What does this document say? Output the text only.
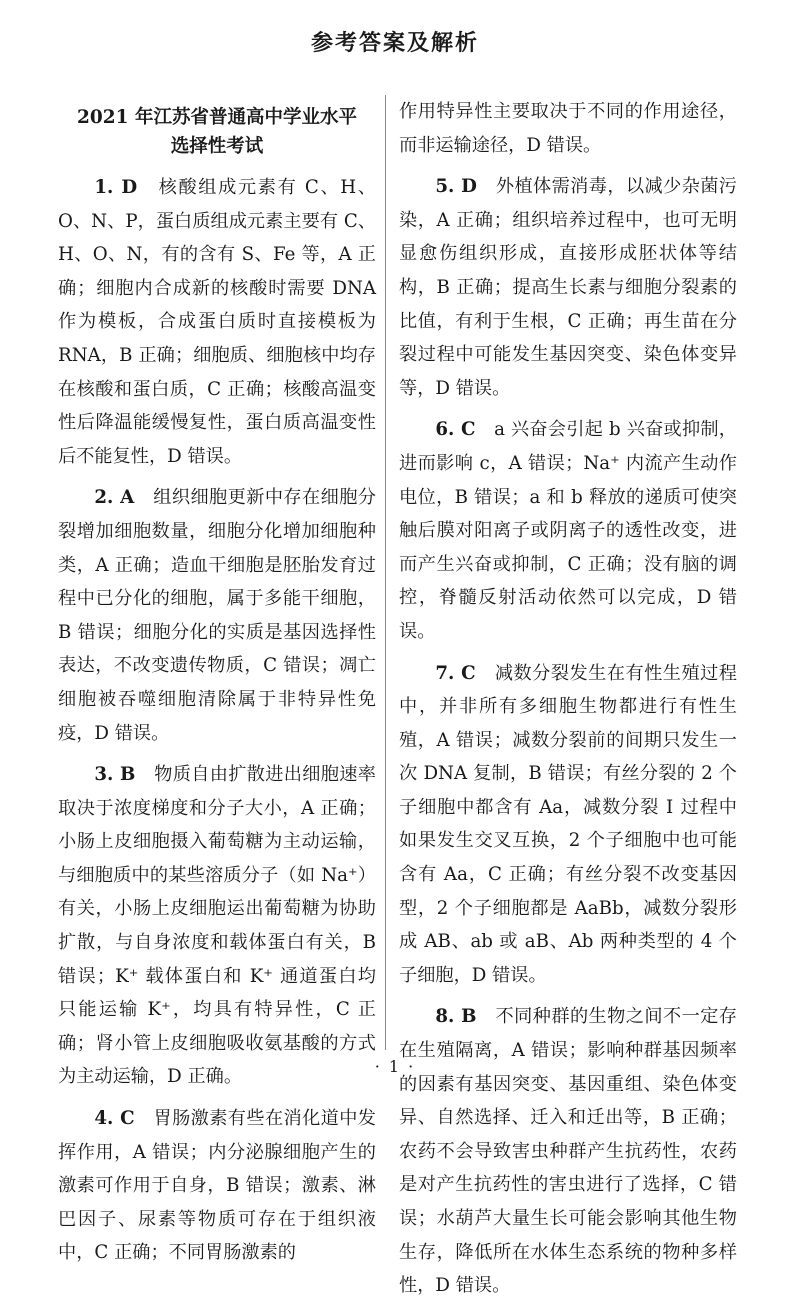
参考答案及解析
2021 年江苏省普通高中学业水平
选择性考试

1. D　 核酸组成元素有 C、H、O、N、P，蛋白质组成元素主要有 C、H、O、N，有的含有 S、Fe 等，A 正确；细胞内合成新的核酸时需要 DNA 作为模板，合成蛋白质时直接模板为 RNA，B 正确；细胞质、细胞核中均存在核酸和蛋白质，C 正确；核酸高温变性后降温能缓慢复性，蛋白质高温变性后不能复性，D 错误。

2. A　 组织细胞更新中存在细胞分裂增加细胞数量，细胞分化增加细胞种类，A 正确；造血干细胞是胚胎发育过程中已分化的细胞，属于多能干细胞，B 错误；细胞分化的实质是基因选择性表达，不改变遗传物质，C 错误；凋亡细胞被吞噬细胞清除属于非特异性免疫，D 错误。

3. B　 物质自由扩散进出细胞速率取决于浓度梯度和分子大小，A 正确；小肠上皮细胞摄入葡萄糖为主动运输，与细胞质中的某些溶质分子（如 Na⁺）有关，小肠上皮细胞运出葡萄糖为协助扩散，与自身浓度和载体蛋白有关，B 错误；K⁺ 载体蛋白和 K⁺ 通道蛋白均只能运输 K⁺，均具有特异性，C 正确；肾小管上皮细胞吸收氨基酸的方式为主动运输，D 正确。

4. C　 胃肠激素有些在消化道中发挥作用，A 错误；内分泌腺细胞产生的激素可作用于自身，B 错误；激素、淋巴因子、尿素等物质可存在于组织液中，C 正确；不同胃肠激素的

作用特异性主要取决于不同的作用途径，而非运输途径，D 错误。

5. D　 外植体需消毒，以减少杂菌污染，A 正确；组织培养过程中，也可无明显愈伤组织形成，直接形成胚状体等结构，B 正确；提高生长素与细胞分裂素的比值，有利于生根，C 正确；再生苗在分裂过程中可能发生基因突变、染色体变异等，D 错误。

6. C　 a 兴奋会引起 b 兴奋或抑制，进而影响 c，A 错误；Na⁺ 内流产生动作电位，B 错误；a 和 b 释放的递质可使突触后膜对阳离子或阴离子的透性改变，进而产生兴奋或抑制，C 正确；没有脑的调控，脊髓反射活动依然可以完成，D 错误。

7. C　 减数分裂发生在有性生殖过程中，并非所有多细胞生物都进行有性生殖，A 错误；减数分裂前的间期只发生一次 DNA 复制，B 错误；有丝分裂的 2 个子细胞中都含有 Aa，减数分裂 Ⅰ 过程中如果发生交叉互换，2 个子细胞中也可能含有 Aa，C 正确；有丝分裂不改变基因型，2 个子细胞都是 AaBb，减数分裂形成 AB、ab 或 aB、Ab 两种类型的 4 个子细胞，D 错误。

8. B　 不同种群的生物之间不一定存在生殖隔离，A 错误；影响种群基因频率的因素有基因突变、基因重组、染色体变异、自然选择、迁入和迁出等，B 正确；农药不会导致害虫种群产生抗药性，农药是对产生抗药性的害虫进行了选择，C 错误；水葫芦大量生长可能会影响其他生物生存，降低所在水体生态系统的物种多样性，D 错误。

· 1 ·
